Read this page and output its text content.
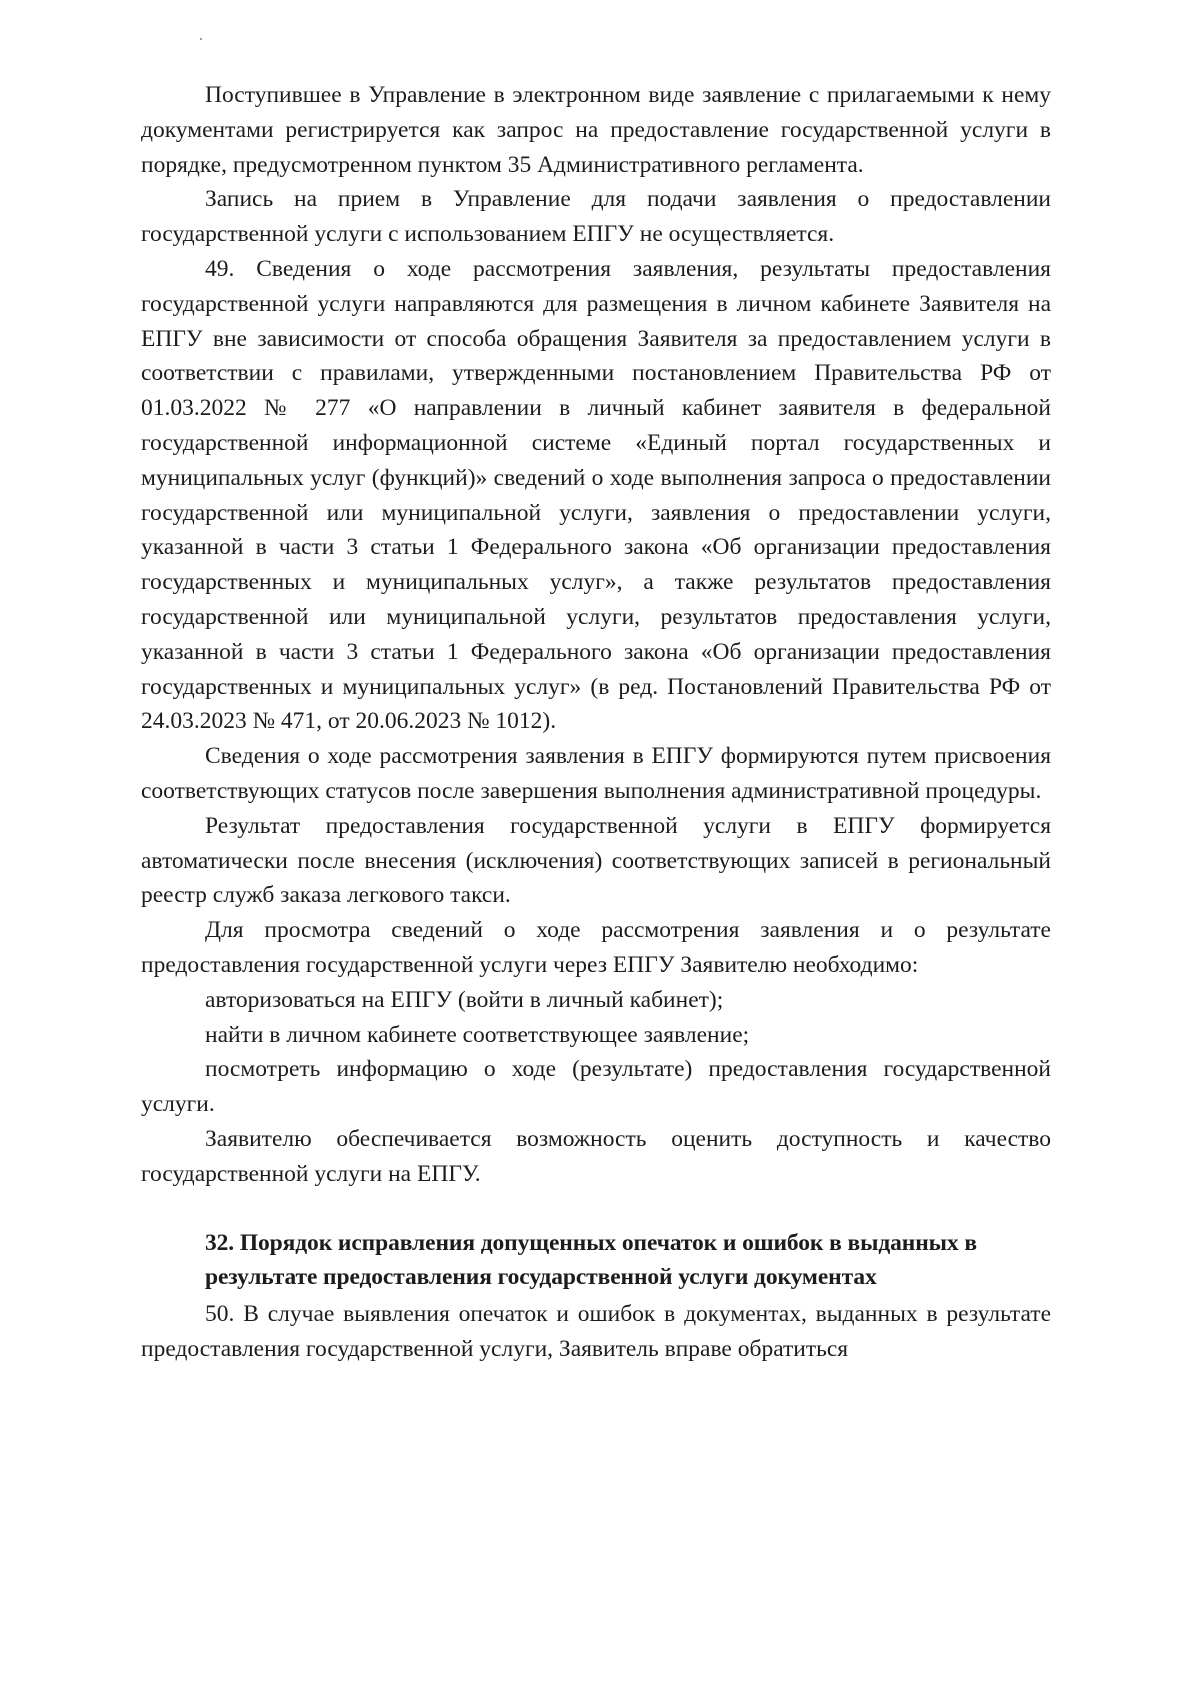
Поступившее в Управление в электронном виде заявление с прилагаемыми к нему документами регистрируется как запрос на предоставление государственной услуги в порядке, предусмотренном пунктом 35 Административного регламента.

Запись на прием в Управление для подачи заявления о предоставлении государственной услуги с использованием ЕПГУ не осуществляется.

49. Сведения о ходе рассмотрения заявления, результаты предоставления государственной услуги направляются для размещения в личном кабинете Заявителя на ЕПГУ вне зависимости от способа обращения Заявителя за предоставлением услуги в соответствии с правилами, утвержденными постановлением Правительства РФ от 01.03.2022 № 277 «О направлении в личный кабинет заявителя в федеральной государственной информационной системе «Единый портал государственных и муниципальных услуг (функций)» сведений о ходе выполнения запроса о предоставлении государственной или муниципальной услуги, заявления о предоставлении услуги, указанной в части 3 статьи 1 Федерального закона «Об организации предоставления государственных и муниципальных услуг», а также результатов предоставления государственной или муниципальной услуги, результатов предоставления услуги, указанной в части 3 статьи 1 Федерального закона «Об организации предоставления государственных и муниципальных услуг» (в ред. Постановлений Правительства РФ от 24.03.2023 № 471, от 20.06.2023 № 1012).

Сведения о ходе рассмотрения заявления в ЕПГУ формируются путем присвоения соответствующих статусов после завершения выполнения административной процедуры.

Результат предоставления государственной услуги в ЕПГУ формируется автоматически после внесения (исключения) соответствующих записей в региональный реестр служб заказа легкового такси.

Для просмотра сведений о ходе рассмотрения заявления и о результате предоставления государственной услуги через ЕПГУ Заявителю необходимо:

авторизоваться на ЕПГУ (войти в личный кабинет);

найти в личном кабинете соответствующее заявление;

посмотреть информацию о ходе (результате) предоставления государственной услуги.

Заявителю обеспечивается возможность оценить доступность и качество государственной услуги на ЕПГУ.

32. Порядок исправления допущенных опечаток и ошибок в выданных в результате предоставления государственной услуги документах

50. В случае выявления опечаток и ошибок в документах, выданных в результате предоставления государственной услуги, Заявитель вправе обратиться
